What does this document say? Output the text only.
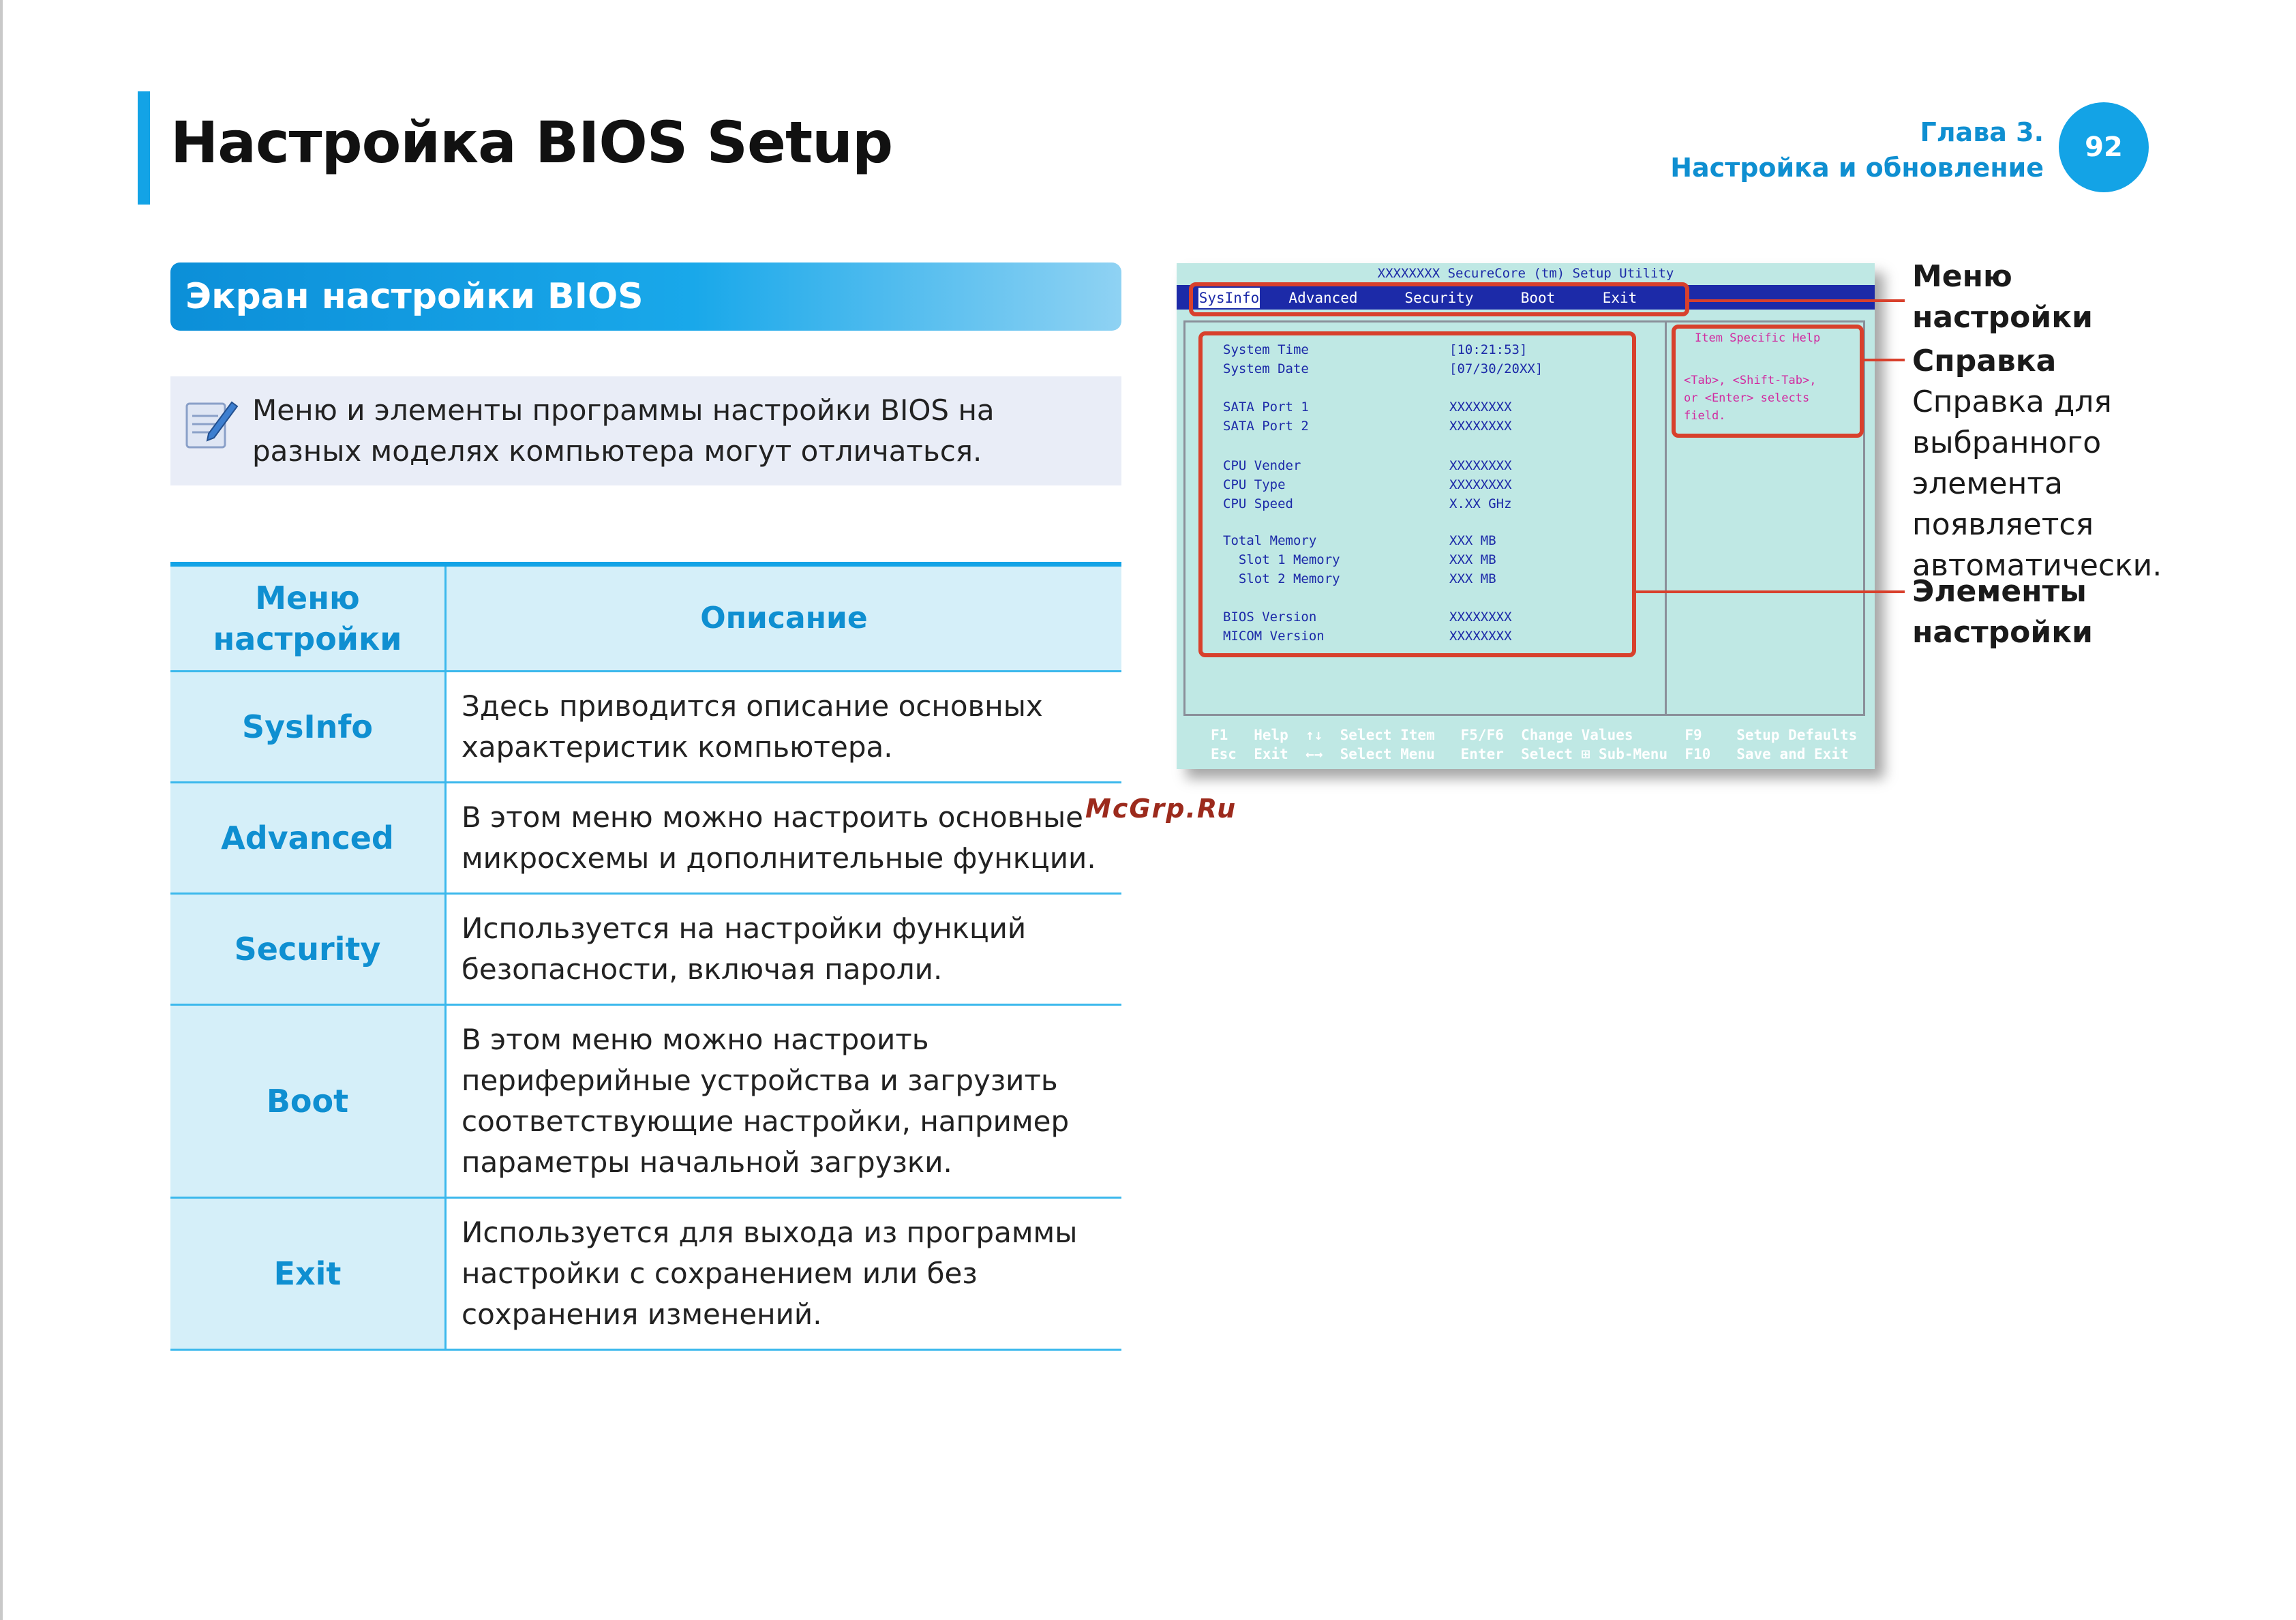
Настройка BIOS Setup	Глава 3.
Настройка и обновление
92
Экран настройки BIOS
Меню и элементы программы настройки BIOS на разных моделях компьютера могут отличаться.
Меню
настройки	Описание
SysInfo	Здесь приводится описание основных характеристик компьютера.
Advanced	В этом меню можно настроить основные микросхемы и дополнительные функции.
Security	Используется на настройки функций безопасности, включая пароли.
Boot	В этом меню можно настроить периферийные устройства и загрузить соответствующие настройки, например параметры начальной загрузки.
Exit	Используется для выхода из программы настройки с сохранением или без сохранения изменений.
XXXXXXXX SecureCore (tm) Setup Utility
SysInfo	Advanced	Security	Boot	Exit
System Time	[10:21:53]
System Date	[07/30/20XX]
SATA Port 1	XXXXXXXX
SATA Port 2	XXXXXXXX
CPU Vender	XXXXXXXX
CPU Type	XXXXXXXX
CPU Speed	X.XX GHz
Total Memory	XXX MB
Slot 1 Memory	XXX MB
Slot 2 Memory	XXX MB
BIOS Version	XXXXXXXX
MICOM Version	XXXXXXXX
Item Specific Help
<Tab>, <Shift-Tab>,
or <Enter> selects
field.
F1   Help  ↑↓  Select Item   F5/F6  Change Values      F9    Setup Defaults
Esc  Exit  ←→  Select Menu   Enter  Select ⊞ Sub-Menu  F10   Save and Exit
Меню
настройки
Справка
Справка для
выбранного
элемента
появляется
автоматически.
Элементы
настройки
McGrp.Ru
